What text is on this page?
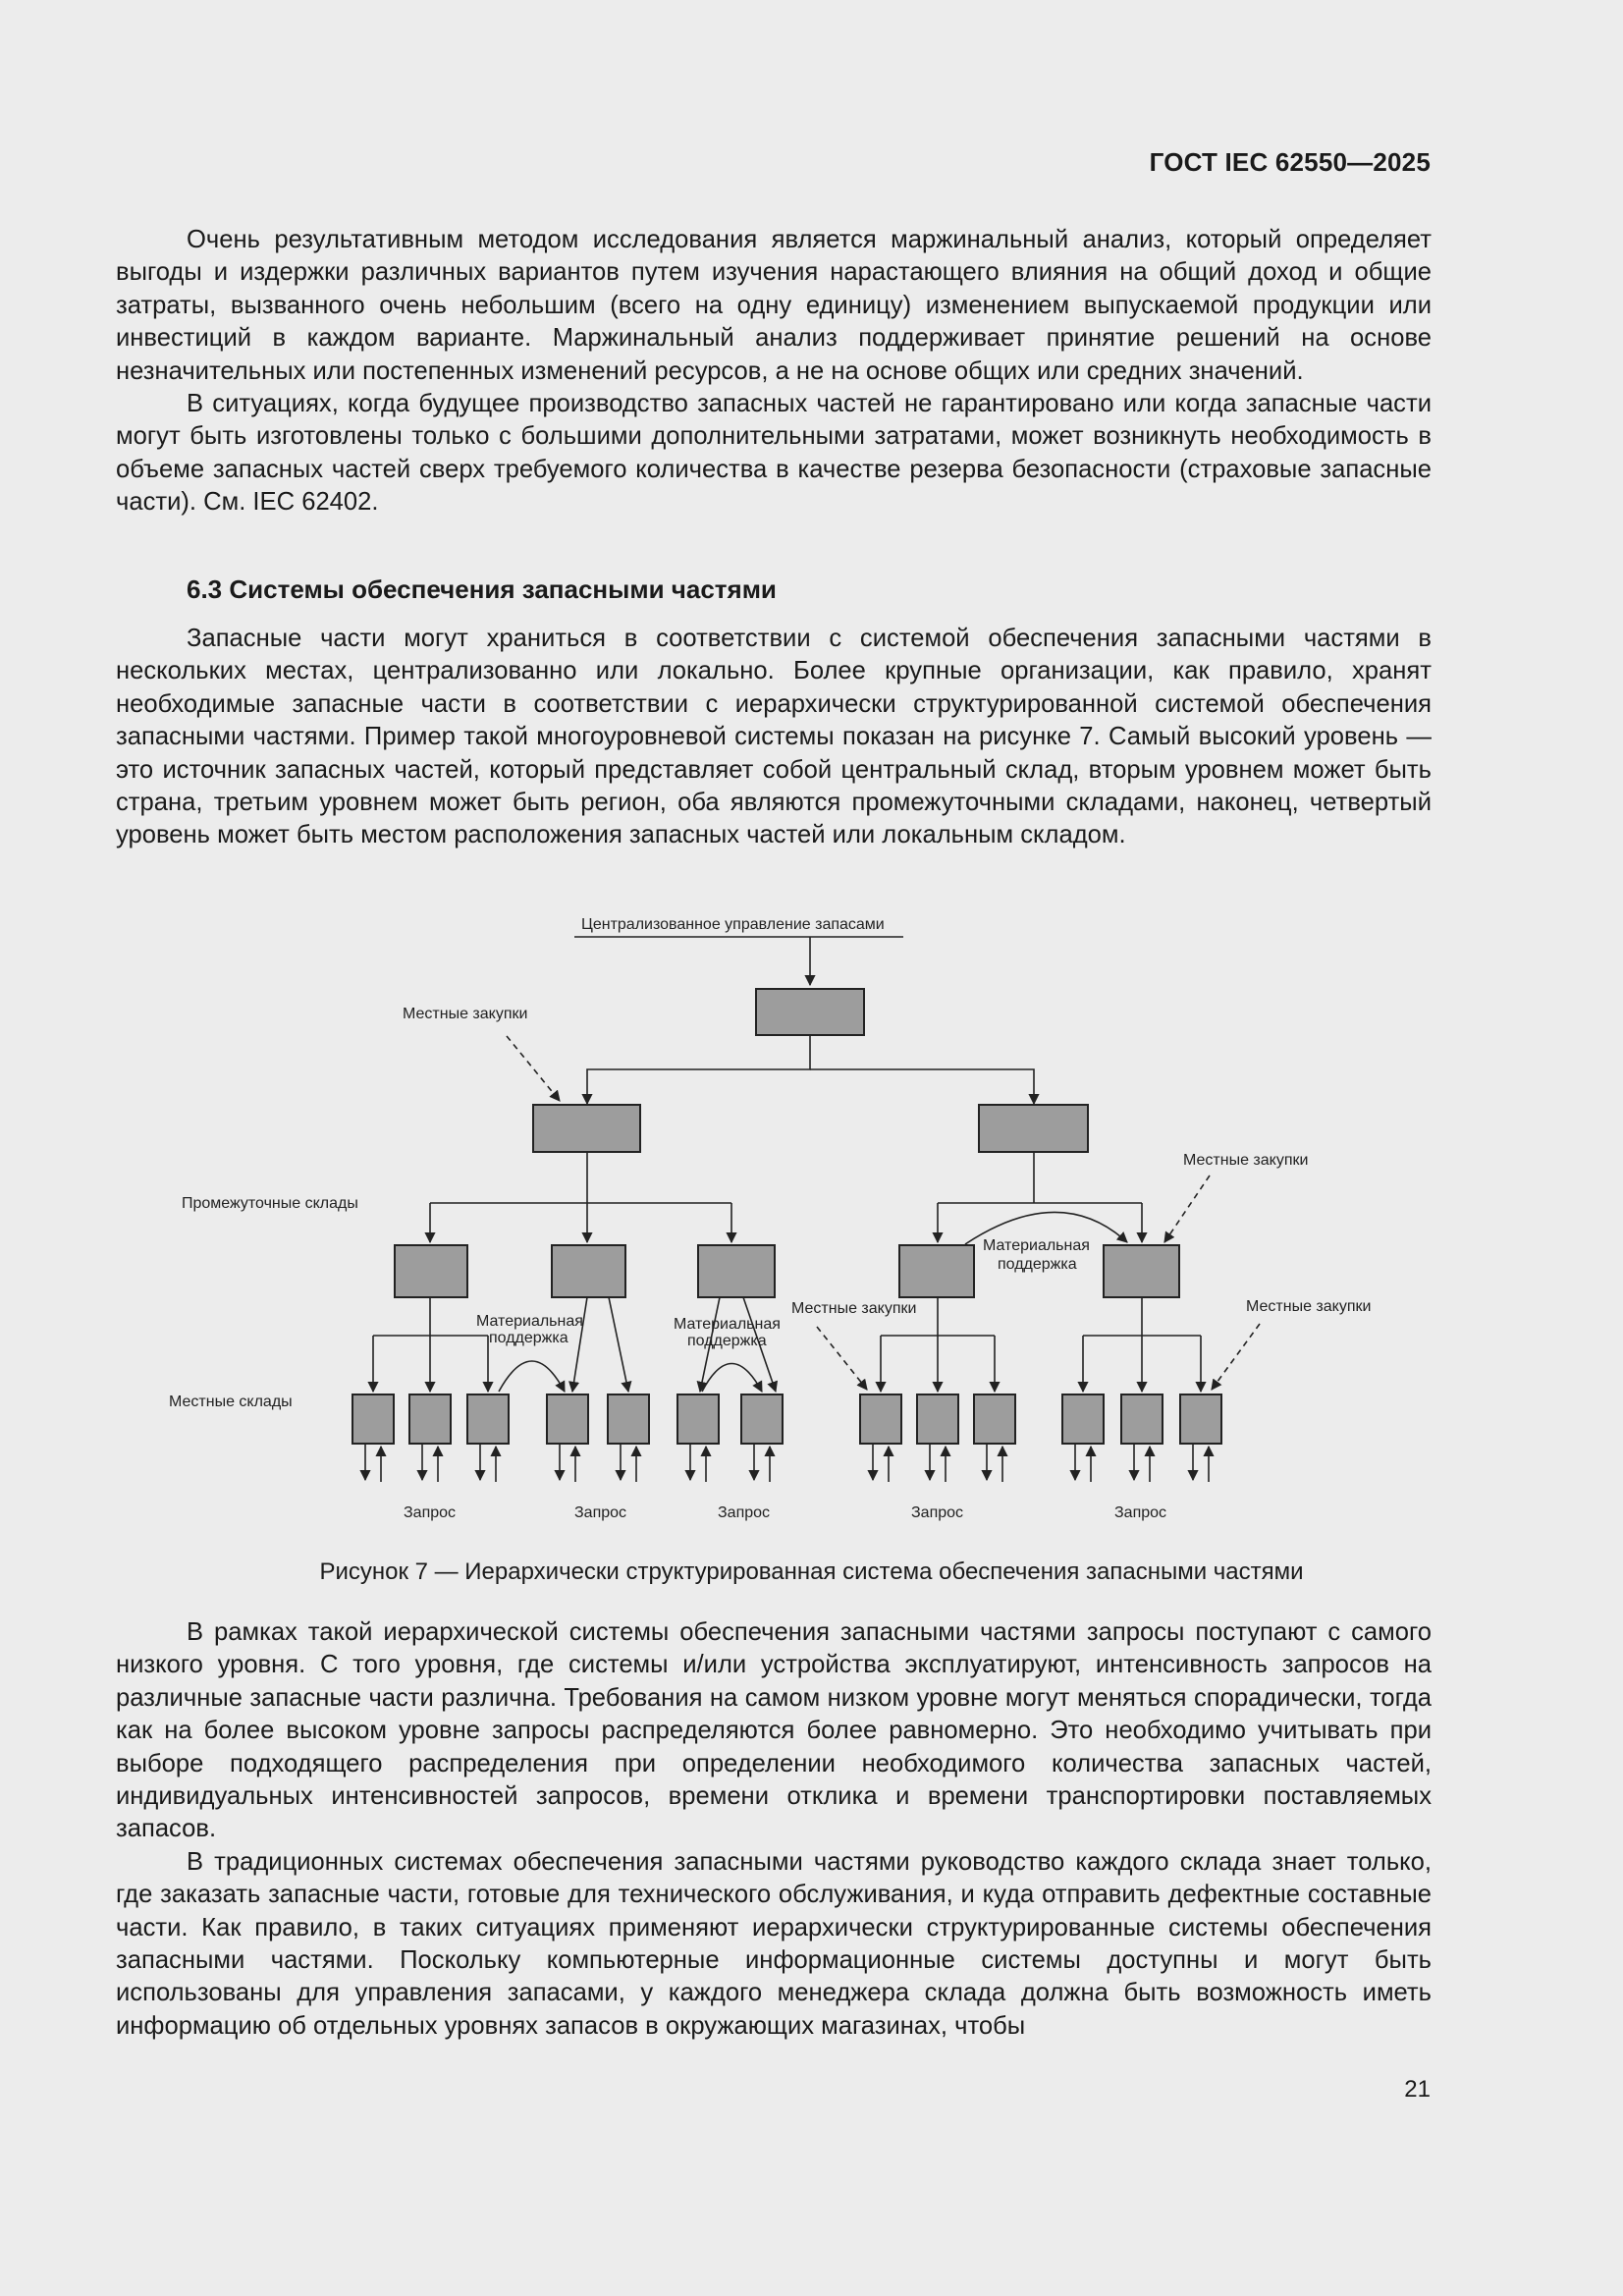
ГОСТ IEC 62550—2025

Очень результативным методом исследования является маржинальный анализ, который определяет выгоды и издержки различных вариантов путем изучения нарастающего влияния на общий доход и общие затраты, вызванного очень небольшим (всего на одну единицу) изменением выпускаемой продукции или инвестиций в каждом варианте. Маржинальный анализ поддерживает принятие решений на основе незначительных или постепенных изменений ресурсов, а не на основе общих или средних значений.

В ситуациях, когда будущее производство запасных частей не гарантировано или когда запасные части могут быть изготовлены только с большими дополнительными затратами, может возникнуть необходимость в объеме запасных частей сверх требуемого количества в качестве резерва безопасности (страховые запасные части). См. IEC 62402.

6.3 Системы обеспечения запасными частями

Запасные части могут храниться в соответствии с системой обеспечения запасными частями в нескольких местах, централизованно или локально. Более крупные организации, как правило, хранят необходимые запасные части в соответствии с иерархически структурированной системой обеспечения запасными частями. Пример такой многоуровневой системы показан на рисунке 7. Самый высокий уровень — это источник запасных частей, который представляет собой центральный склад, вторым уровнем может быть страна, третьим уровнем может быть регион, оба являются промежуточными складами, наконец, четвертый уровень может быть местом расположения запасных частей или локальным складом.

Централизованное управление запасами
Местные закупки
Промежуточные склады
Материальная
поддержка
Местные закупки
Местные склады
Материальная
поддержка
Материальная
поддержка
Местные закупки	Местные закупки
Запрос	Запрос	Запрос	Запрос	Запрос
Рисунок 7 — Иерархически структурированная система обеспечения запасными частями

В рамках такой иерархической системы обеспечения запасными частями запросы поступают с самого низкого уровня. С того уровня, где системы и/или устройства эксплуатируют, интенсивность запросов на различные запасные части различна. Требования на самом низком уровне могут меняться спорадически, тогда как на более высоком уровне запросы распределяются более равномерно. Это необходимо учитывать при выборе подходящего распределения при определении необходимого количества запасных частей, индивидуальных интенсивностей запросов, времени отклика и времени транспортировки поставляемых запасов.

В традиционных системах обеспечения запасными частями руководство каждого склада знает только, где заказать запасные части, готовые для технического обслуживания, и куда отправить дефектные составные части. Как правило, в таких ситуациях применяют иерархически структурированные системы обеспечения запасными частями. Поскольку компьютерные информационные системы доступны и могут быть использованы для управления запасами, у каждого менеджера склада должна быть возможность иметь информацию об отдельных уровнях запасов в окружающих магазинах, чтобы

21
